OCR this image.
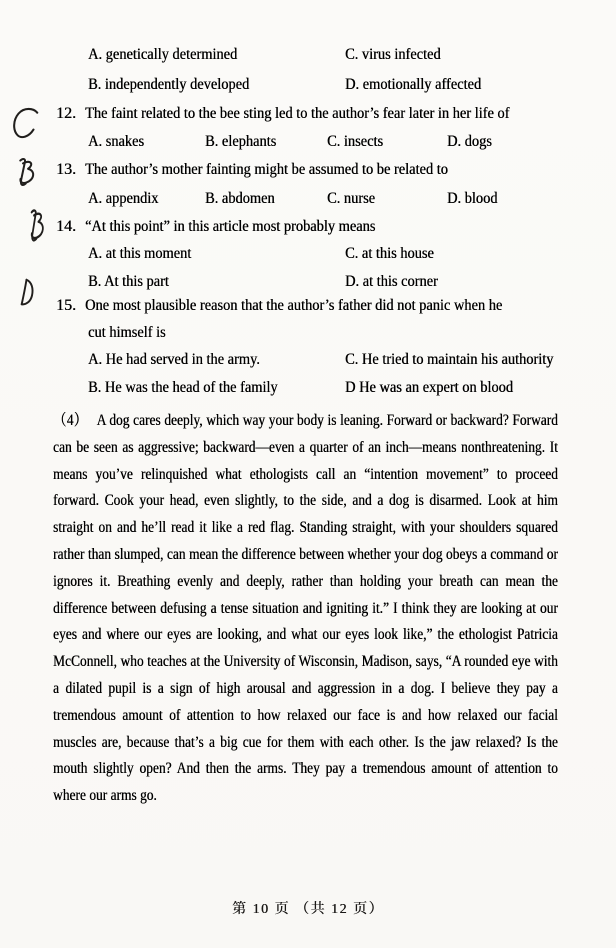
A. genetically determined	C. virus infected
B. independently developed	D. emotionally affected
12. The faint related to the bee sting led to the author’s fear later in her life of
A. snakes	B. elephants	C. insects	D. dogs
13. The author’s mother fainting might be assumed to be related to
A. appendix	B. abdomen	C. nurse	D. blood
14. “At this point” in this article most probably means
A. at this moment	C. at this house
B. At this part	D. at this corner
15. One most plausible reason that the author’s father did not panic when he
cut himself is
A. He had served in the army.	C. He tried to maintain his authority
B. He was the head of the family	D He was an expert on blood

（4） A dog cares deeply, which way your body is leaning. Forward or backward? Forward can be seen as aggressive; backward—even a quarter of an inch—means nonthreatening. It means you’ve relinquished what ethologists call an “intention movement” to proceed forward. Cook your head, even slightly, to the side, and a dog is disarmed. Look at him straight on and he’ll read it like a red flag. Standing straight, with your shoulders squared rather than slumped, can mean the difference between whether your dog obeys a command or ignores it. Breathing evenly and deeply, rather than holding your breath can mean the difference between defusing a tense situation and igniting it.” I think they are looking at our eyes and where our eyes are looking, and what our eyes look like,” the ethologist Patricia McConnell, who teaches at the University of Wisconsin, Madison, says, “A rounded eye with a dilated pupil is a sign of high arousal and aggression in a dog. I believe they pay a tremendous amount of attention to how relaxed our face is and how relaxed our facial muscles are, because that’s a big cue for them with each other. Is the jaw relaxed? Is the mouth slightly open? And then the arms. They pay a tremendous amount of attention to where our arms go.

第 10 页 （共 12 页）
